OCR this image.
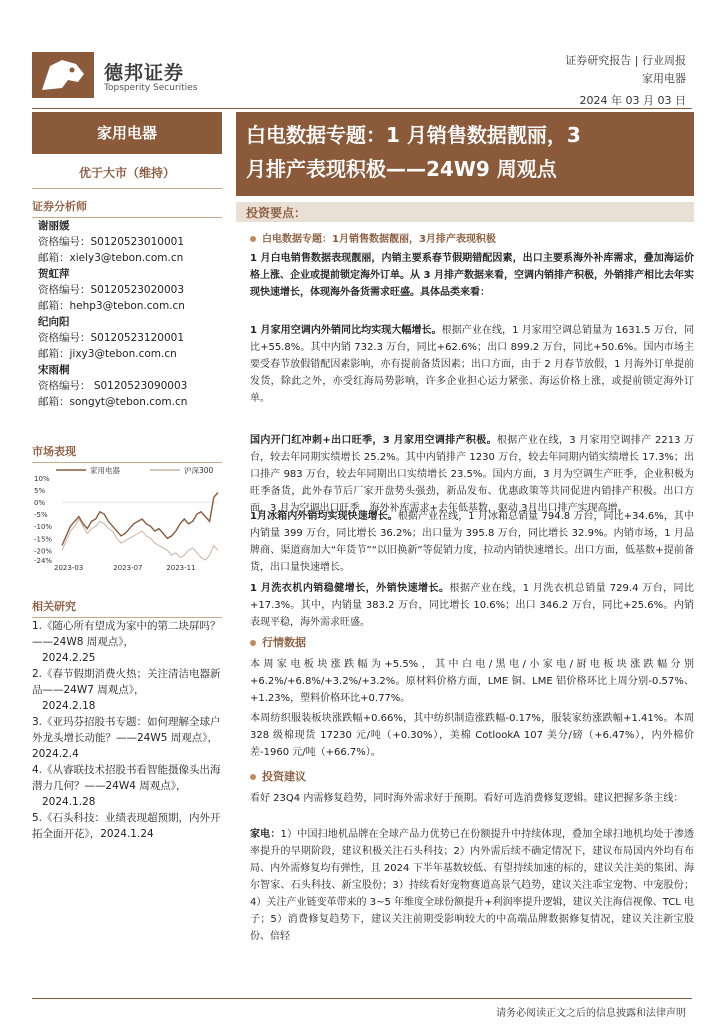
德邦证券
Topsperity Securities
证券研究报告 | 行业周报
家用电器
2024 年 03 月 03 日
家用电器
优于大市（维持）
证券分析师
谢丽媛
资格编号：S0120523010001
邮箱：xiely3@tebon.com.cn
贺虹萍
资格编号：S0120523020003
邮箱：hehp3@tebon.com.cn
纪向阳
资格编号：S0120523120001
邮箱：jixy3@tebon.com.cn
宋雨桐
资格编号： S0120523090003
邮箱：songyt@tebon.com.cn
市场表现
10%
5%
0%
-5%
-10%
-15%
-20%
-24%
2023-03	2023-07	2023-11
家用电器	沪深300
相关研究
1.《随心所有望成为家中的第二块屏吗？——24W8 周观点》，
2024.2.25
2.《春节假期消费火热；关注清洁电器新品——24W7 周观点》，
2024.2.18
3.《亚玛芬招股书专题：如何理解全球户外龙头增长动能？——24W5 周观点》，2024.2.4
4.《从睿联技术招股书看智能摄像头出海潜力几何？——24W4 周观点》，
2024.1.28
5.《石头科技：业绩表现超预期，内外开拓全面开花》，2024.1.24
白电数据专题：1 月销售数据靓丽，3
月排产表现积极——24W9 周观点
投资要点：
白电数据专题：1月销售数据靓丽，3月排产表现积极
1 月白电销售数据表现靓丽，内销主要系春节假期错配因素，出口主要系海外补库需求，叠加海运价格上涨、企业或提前锁定海外订单。从 3 月排产数据来看，空调内销排产积极，外销排产相比去年实现快速增长，体现海外备货需求旺盛。具体品类来看：
1 月家用空调内外销同比均实现大幅增长。根据产业在线，1 月家用空调总销量为 1631.5 万台，同比+55.8%。其中内销 732.3 万台，同比+62.6%；出口 899.2 万台，同比+50.6%。国内市场主要受春节放假错配因素影响，亦有提前备货因素；出口方面，由于 2 月春节放假，1 月海外订单提前发货，除此之外，亦受红海局势影响，许多企业担心运力紧张、海运价格上涨，或提前锁定海外订单。
国内开门红冲刺+出口旺季，3 月家用空调排产积极。根据产业在线，3 月家用空调排产 2213 万台，较去年同期实绩增长 25.2%。其中内销排产 1230 万台，较去年同期内销实绩增长 17.3%；出口排产 983 万台，较去年同期出口实绩增长 23.5%。国内方面，3 月为空调生产旺季，企业积极为旺季备货，此外春节后厂家开盘势头强劲，新品发布、优惠政策等共同促进内销排产积极。出口方面，3 月为空调出口旺季，海外补库需求+去年低基数，驱动 3月出口排产实现高增。
1月冰箱内外销均实现快速增长。根据产业在线，1 月冰箱总销量 794.8 万台，同比+34.6%，其中内销量 399 万台，同比增长 36.2%；出口量为 395.8 万台，同比增长 32.9%。内销市场，1 月品牌商、渠道商加大“年货节”“以旧换新”等促销力度，拉动内销快速增长。出口方面，低基数+提前备货，出口量快速增长。
1 月洗衣机内销稳健增长，外销快速增长。根据产业在线，1 月洗衣机总销量 729.4 万台，同比+17.3%。其中，内销量 383.2 万台，同比增长 10.6%；出口 346.2 万台，同比+25.6%。内销表现平稳，海外需求旺盛。
行情数据
本周家电板块涨跌幅为+5.5%，其中白电/黑电/小家电/厨电板块涨跌幅分别+6.2%/+6.8%/+3.2%/+3.2%。原材料价格方面，LME 铜、LME 铝价格环比上周分别-0.57%、+1.23%，塑料价格环比+0.77%。
本周纺织服装板块涨跌幅+0.66%，其中纺织制造涨跌幅-0.17%，服装家纺涨跌幅+1.41%。本周 328 级棉现货 17230 元/吨（+0.30%），美棉 CotlookA 107 美分/磅（+6.47%），内外棉价差-1960 元/吨（+66.7%）。
投资建议
看好 23Q4 内需修复趋势，同时海外需求好于预期。看好可选消费修复逻辑。建议把握多条主线：
家电：1）中国扫地机品牌在全球产品力优势已在份额提升中持续体现，叠加全球扫地机均处于渗透率提升的早期阶段，建议积极关注石头科技；2）内外需后续不确定情况下，建议布局国内外均有布局、内外需修复均有弹性，且 2024 下半年基数较低、有望持续加速的标的，建议关注美的集团、海尔智家、石头科技、新宝股份；3）持续看好宠物赛道高景气趋势，建议关注乖宝宠物、中宠股份；4）关注产业链变革带来的 3~5 年维度全球份额提升+利润率提升逻辑，建议关注海信视像、TCL 电子；5）消费修复趋势下，建议关注前期受影响较大的中高端品牌数据修复情况，建议关注新宝股份、倍轻
请务必阅读正文之后的信息披露和法律声明
